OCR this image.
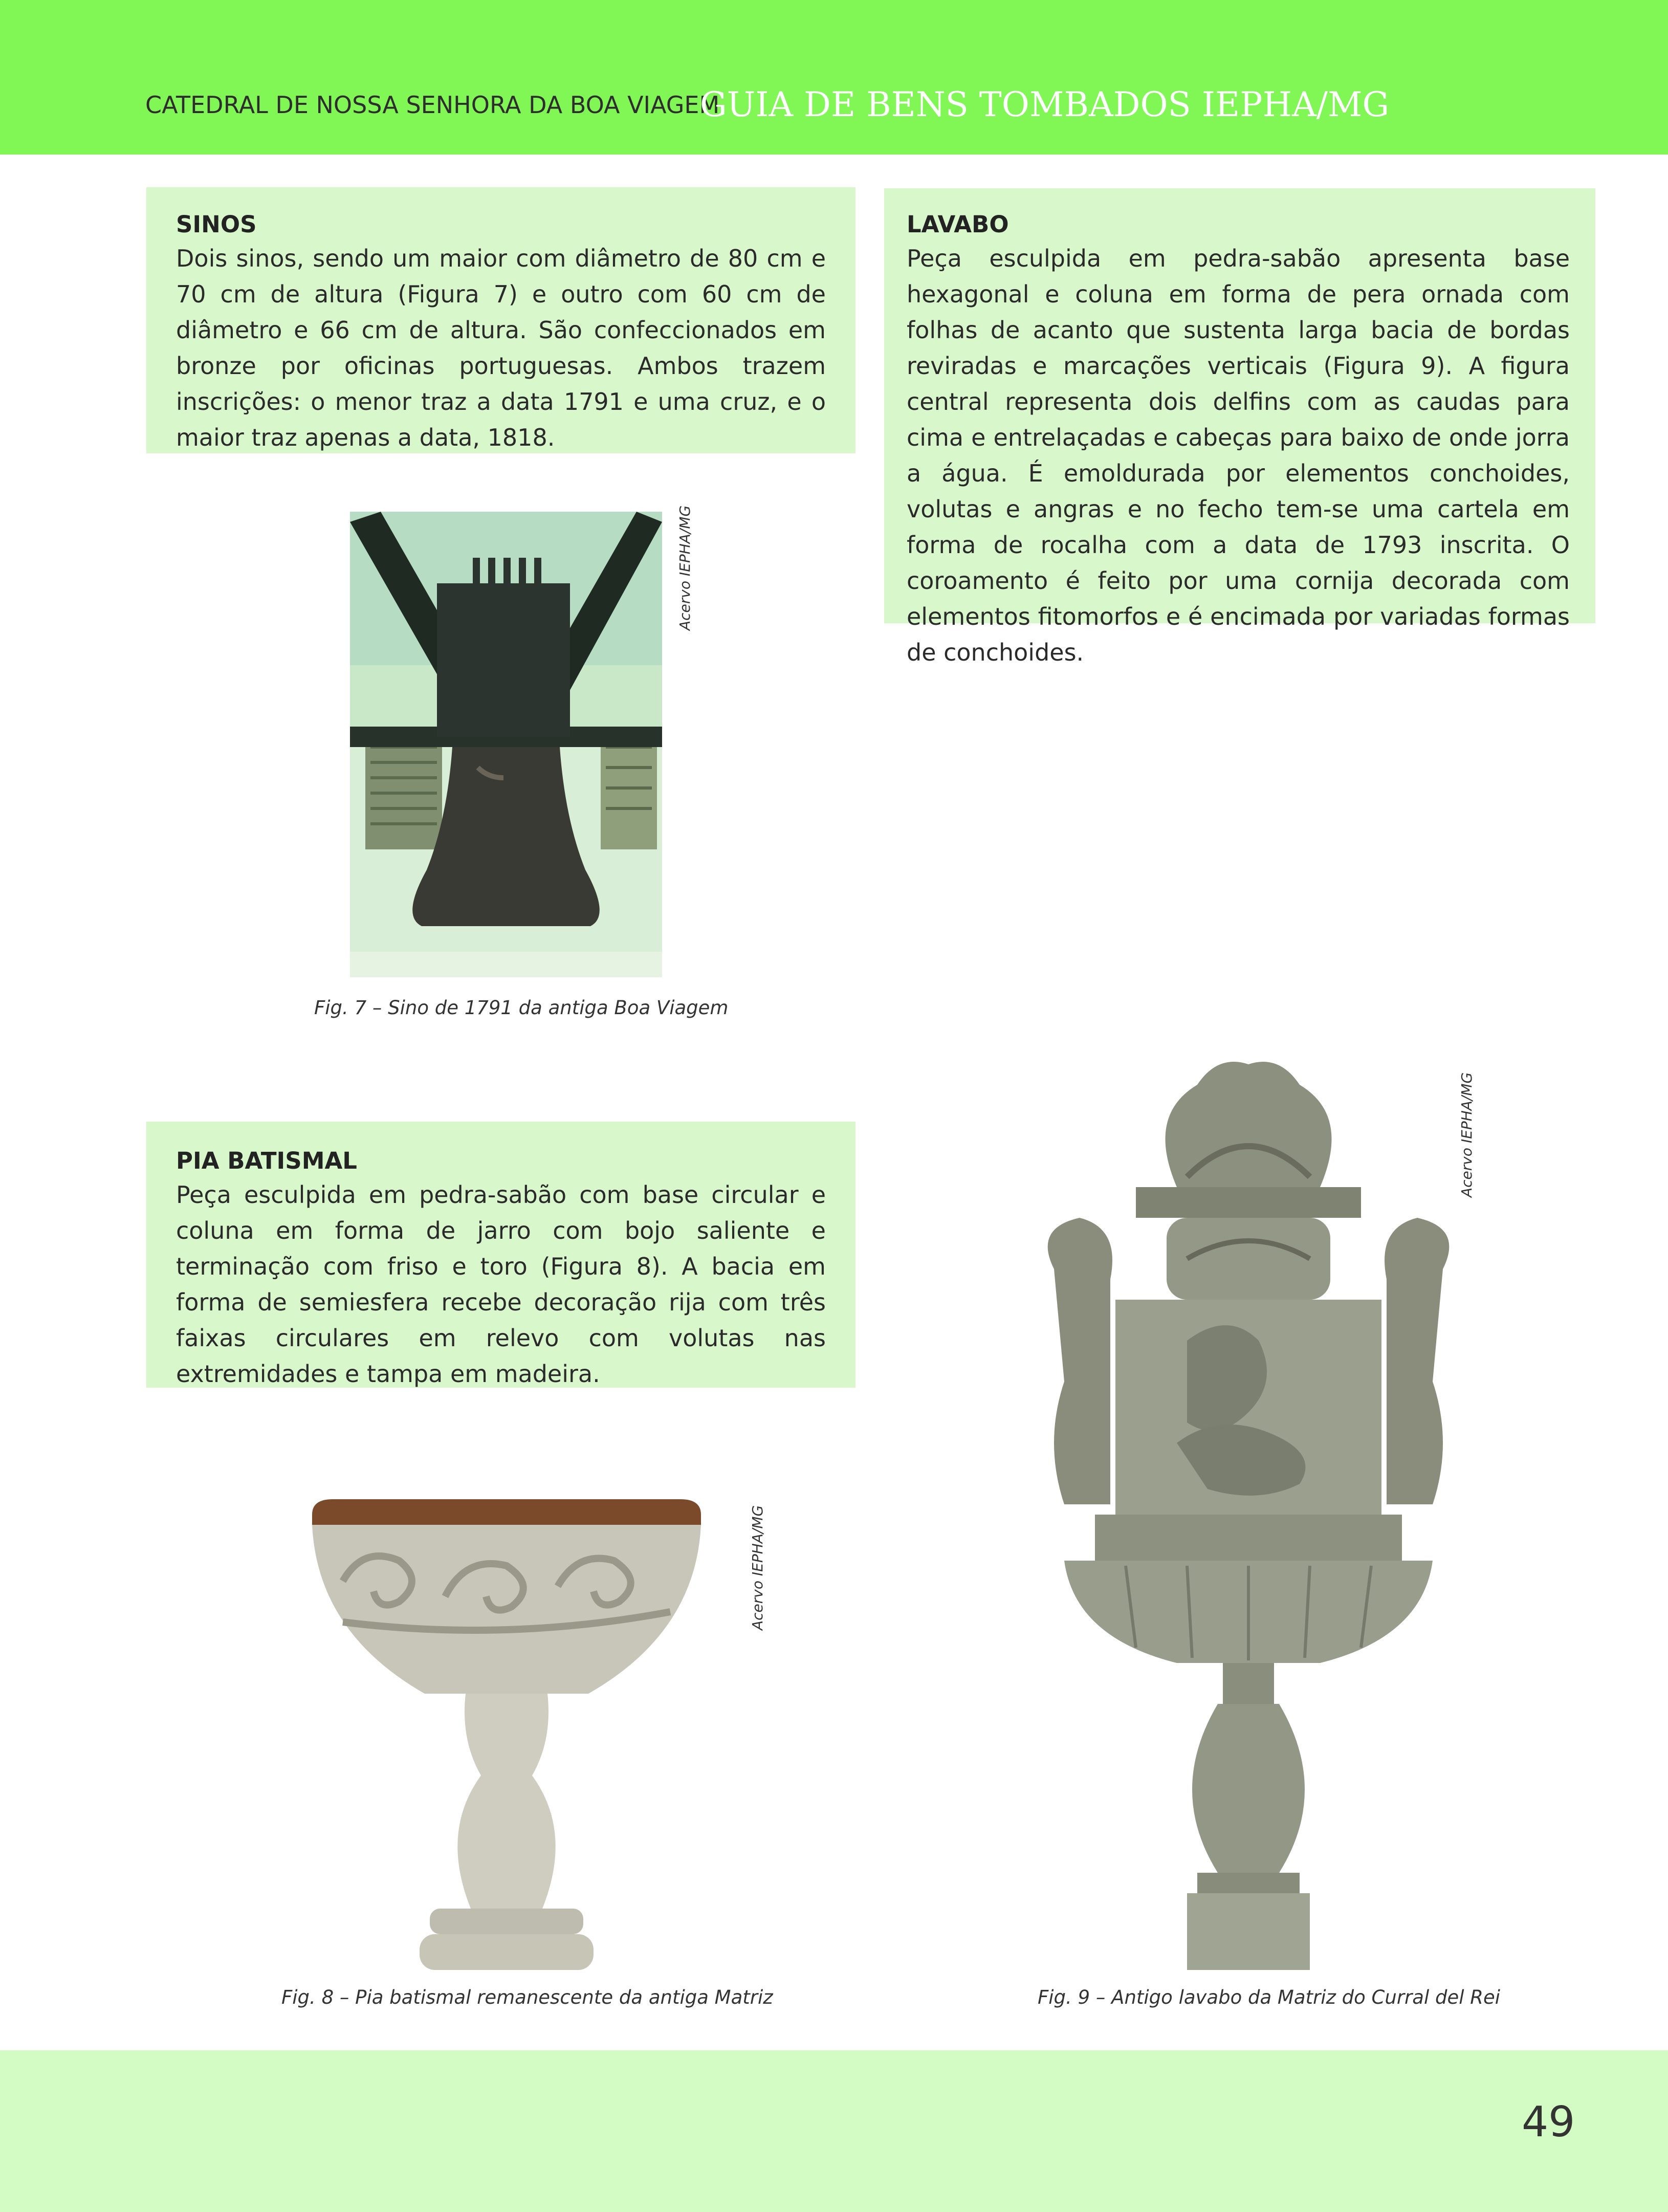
CATEDRAL DE NOSSA SENHORA DA BOA VIAGEM
GUIA DE BENS TOMBADOS IEPHA/MG
SINOS

Dois sinos, sendo um maior com diâmetro de 80 cm e 70 cm de altura (Figura 7) e outro com 60 cm de diâmetro e 66 cm de altura. São confeccionados em bronze por oficinas portuguesas. Ambos trazem inscrições: o menor traz a data 1791 e uma cruz, e o maior traz apenas a data, 1818.

LAVABO

Peça esculpida em pedra-sabão apresenta base hexagonal e coluna em forma de pera ornada com folhas de acanto que sustenta larga bacia de bordas reviradas e marcações verticais (Figura 9). A figura central representa dois delfins com as caudas para cima e entrelaçadas e cabeças para baixo de onde jorra a água. É emoldurada por elementos conchoides, volutas e angras e no fecho tem-se uma cartela em forma de rocalha com a data de 1793 inscrita. O coroamento é feito por uma cornija decorada com elementos fitomorfos e é encimada por variadas formas de conchoides.

Acervo IEPHA/MG
Fig. 7 – Sino de 1791 da antiga Boa Viagem
PIA BATISMAL

Peça esculpida em pedra-sabão com base circular e coluna em forma de jarro com bojo saliente e terminação com friso e toro (Figura 8). A bacia em forma de semiesfera recebe decoração rija com três faixas circulares em relevo com volutas nas extremidades e tampa em madeira.

Acervo IEPHA/MG
Fig. 8 – Pia batismal remanescente da antiga Matriz
Acervo IEPHA/MG
Fig. 9 – Antigo lavabo da Matriz do Curral del Rei
49
